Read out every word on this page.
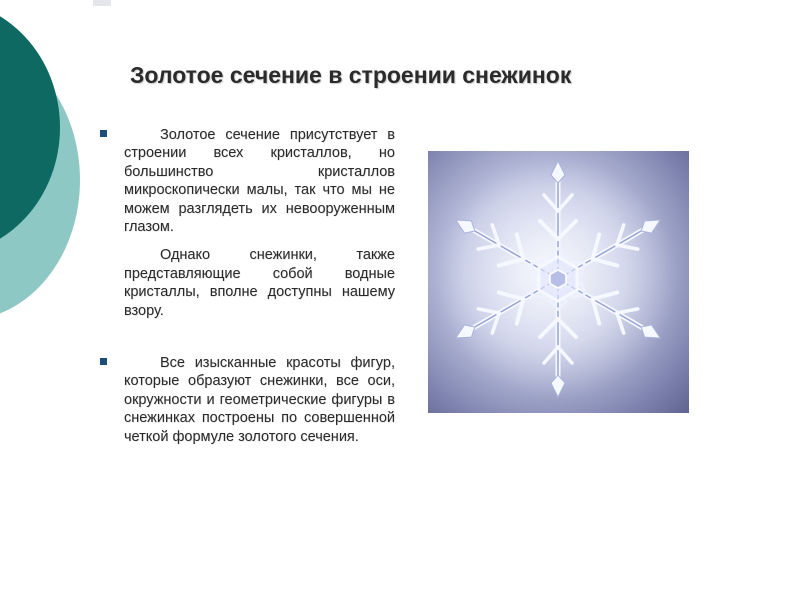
Золотое сечение в строении снежинок

Золотое сечение присутствует в строении всех кристаллов, но большинство кристаллов микроскопически малы, так что мы не можем разглядеть их невооруженным глазом.

Однако снежинки, также представляющие собой водные кристаллы, вполне доступны нашему взору.

Все изысканные красоты фигур, которые образуют снежинки, все оси, окружности и геометрические фигуры в снежинках построены по совершенной четкой формуле золотого сечения.
